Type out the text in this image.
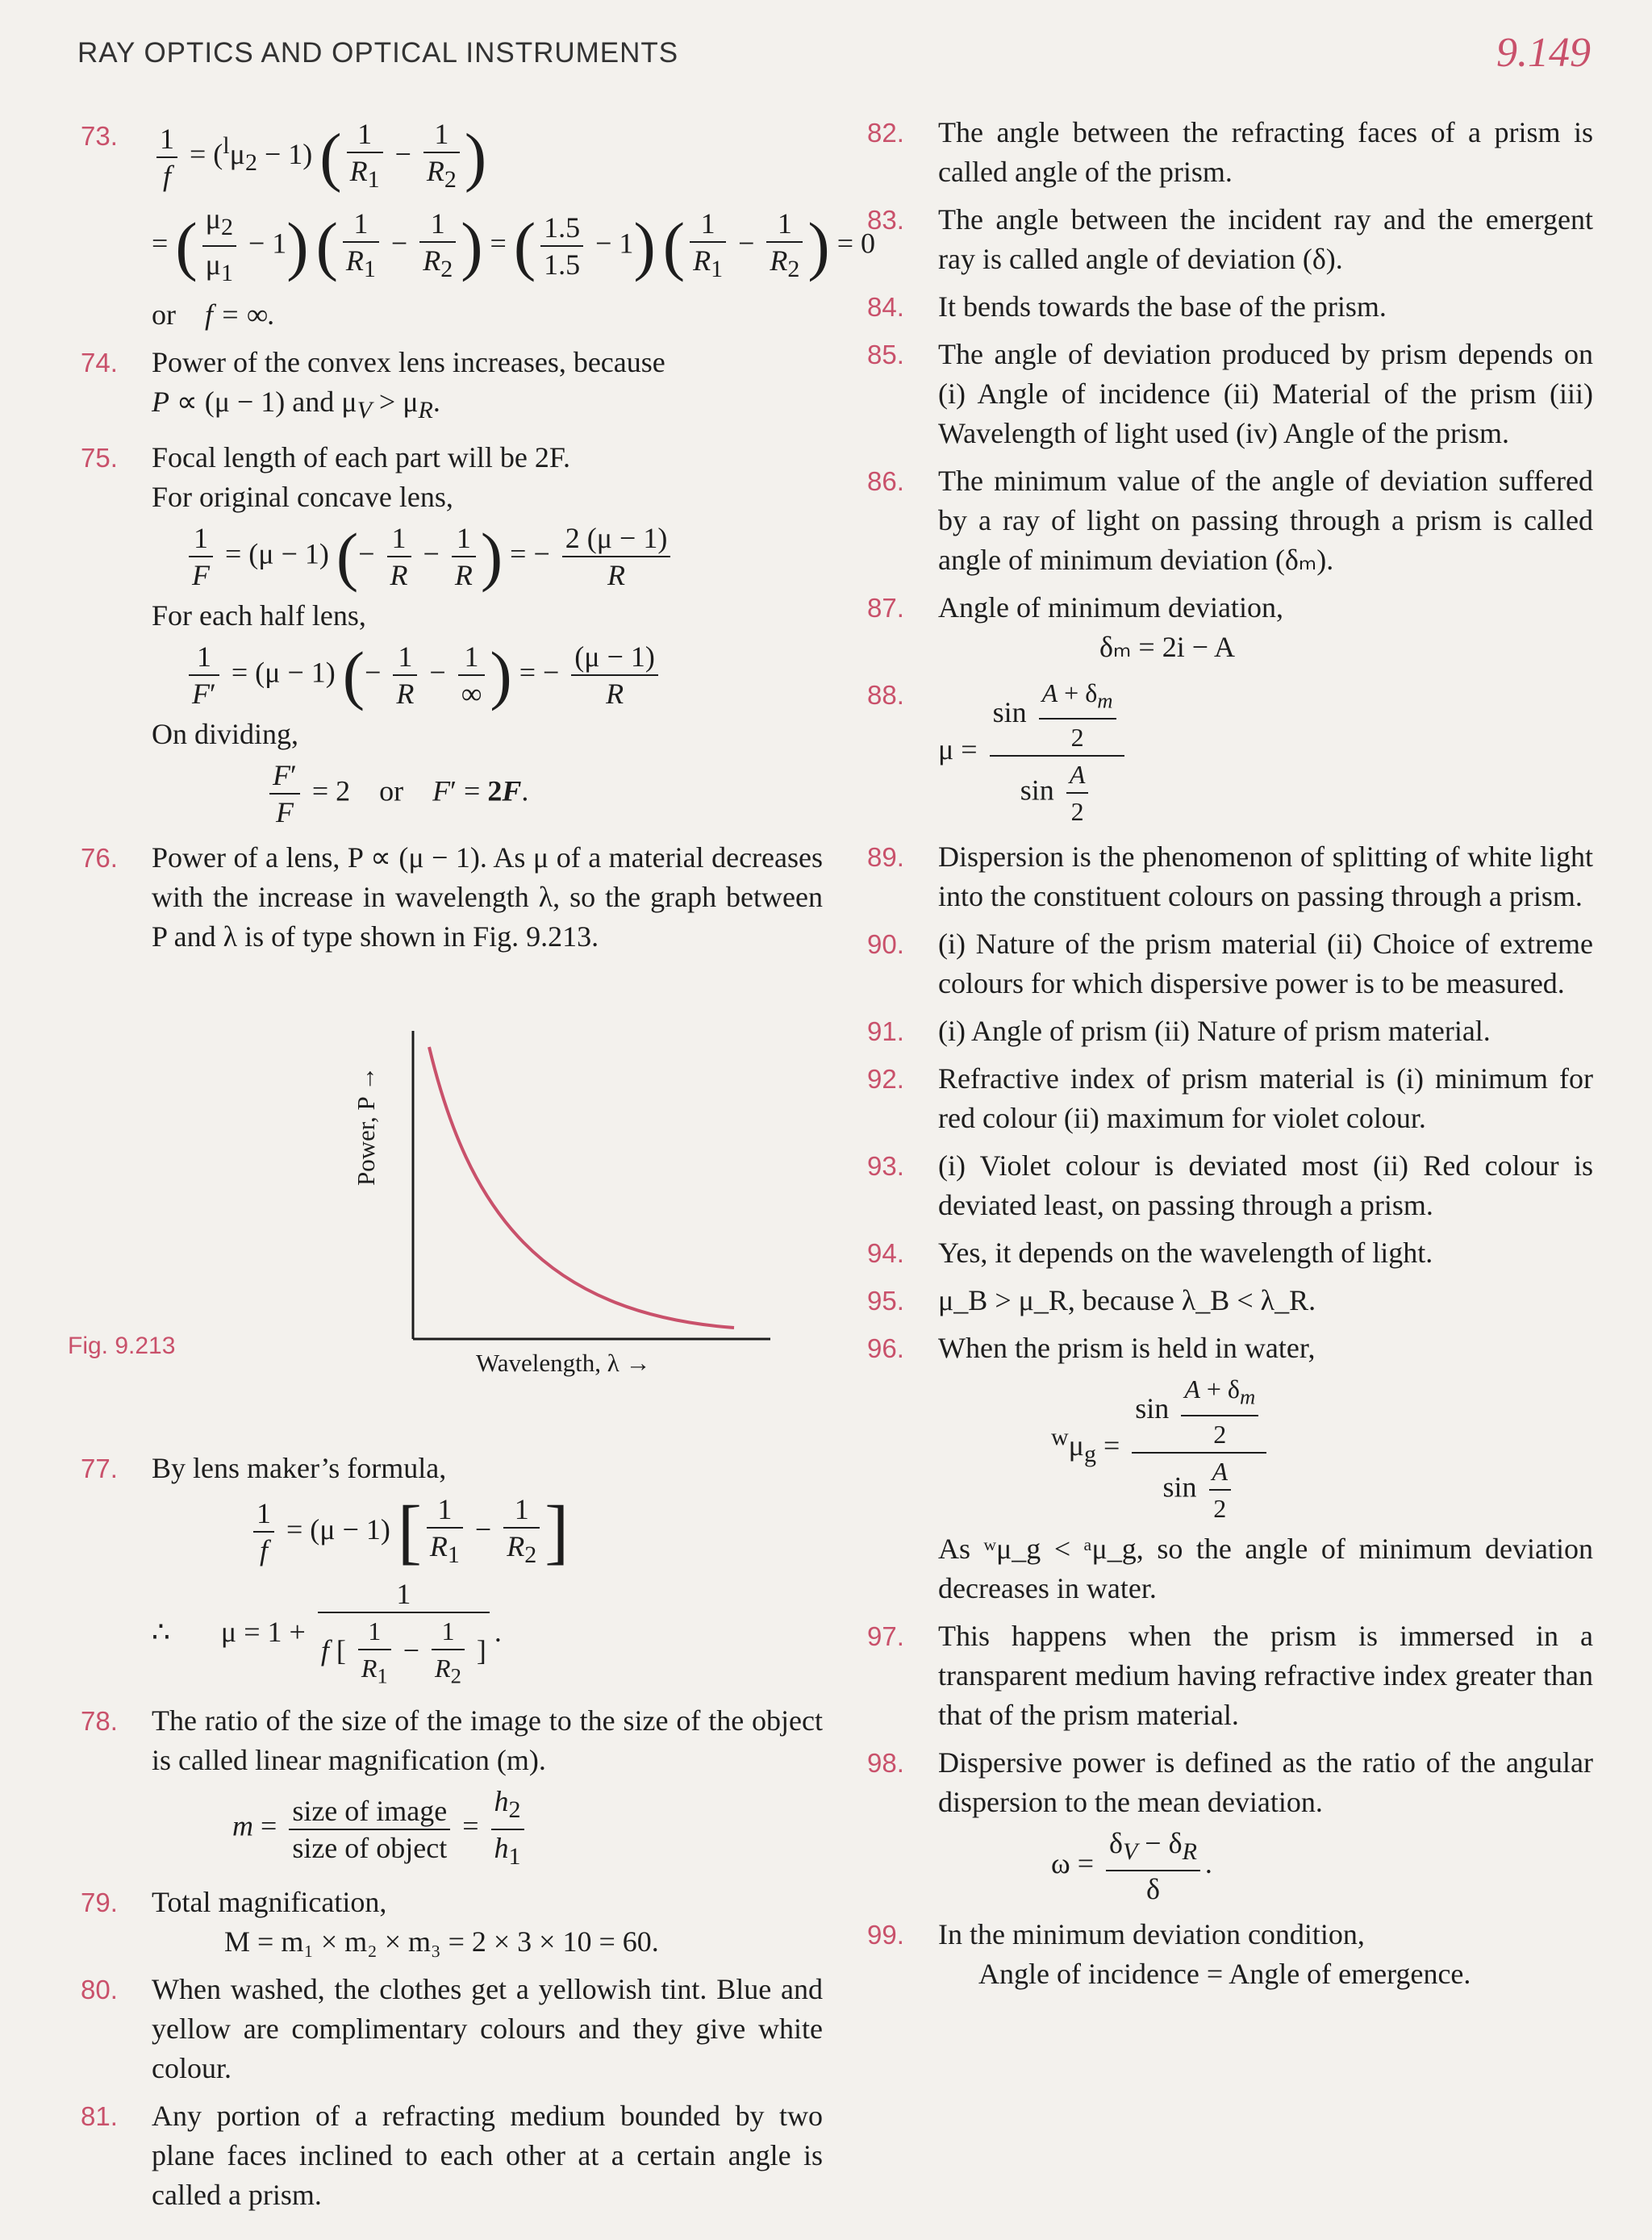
RAY OPTICS AND OPTICAL INSTRUMENTS	9.149
73. $\frac{1}{f} = (^l\mu_2 - 1)$ ( $\frac{1}{R_1} - \frac{1}{R_2}$ )
= ( $\frac{\mu_2}{\mu_1} - 1$) ( $\frac{1}{R_1} - \frac{1}{R_2}$ ) = ( $\frac{1.5}{1.5} - 1$) ( $\frac{1}{R_1} - \frac{1}{R_2}$ ) = 0
or f = ∞.
74. Power of the convex lens increases, because
P ∝ (μ − 1) and $\mu_V > \mu_R$.
75. Focal length of each part will be 2F.
For original concave lens,
$\frac{1}{F} = (\mu - 1)$ (− $\frac{1}{R} - \frac{1}{R}$ ) = − $\frac{2 (\mu - 1)}{R}$
For each half lens,
$\frac{1}{F'} = (\mu - 1)$ (− $\frac{1}{R} - \frac{1}{\infty}$ ) = − $\frac{(\mu - 1)}{R}$
On dividing,
$\frac{F'}{F} = 2$    or    F′ = 2F.
76. Power of a lens, P ∝ (μ − 1). As μ of a material decreases with the increase in wavelength λ, so the graph between P and λ is of type shown in Fig. 9.213.
77. By lens maker’s formula,
$\frac{1}{f} = (\mu - 1)$ [ $\frac{1}{R_1} - \frac{1}{R_2}$ ]
∴       $\mu = 1 + \frac{1}{f [ \frac{1}{R_1} - \frac{1}{R_2} ]}$ .
78. The ratio of the size of the image to the size of the object is called linear magnification (m).
$m = \frac{\text{size of image}}{\text{size of object}} = \frac{h_2}{h_1}$
79. Total magnification,
M = m₁ × m₂ × m₃ = 2 × 3 × 10 = 60.
80. When washed, the clothes get a yellowish tint. Blue and yellow are complimentary colours and they give white colour.
81. Any portion of a refracting medium bounded by two plane faces inclined to each other at a certain angle is called a prism.
Power, P →
Wavelength, λ →
Fig. 9.213
82. The angle between the refracting faces of a prism is called angle of the prism.
83. The angle between the incident ray and the emergent ray is called angle of deviation (δ).
84. It bends towards the base of the prism.
85. The angle of deviation produced by prism depends on (i) Angle of incidence (ii) Material of the prism (iii) Wavelength of light used (iv) Angle of the prism.
86. The minimum value of the angle of deviation suffered by a ray of light on passing through a prism is called angle of minimum deviation (δₘ).
87. Angle of minimum deviation,
δₘ = 2i − A
88.
$\mu = \frac{\sin \frac{A + \delta_m}{2}}{\sin \frac{A}{2}}$
89. Dispersion is the phenomenon of splitting of white light into the constituent colours on passing through a prism.
90. (i) Nature of the prism material (ii) Choice of extreme colours for which dispersive power is to be measured.
91. (i) Angle of prism (ii) Nature of prism material.
92. Refractive index of prism material is (i) minimum for red colour (ii) maximum for violet colour.
93. (i) Violet colour is deviated most (ii) Red colour is deviated least, on passing through a prism.
94. Yes, it depends on the wavelength of light.
95. μ_B > μ_R, because λ_B < λ_R.
96. When the prism is held in water,
$^w\mu_g = \frac{\sin \frac{A + \delta_m}{2}}{\sin \frac{A}{2}}$
As ʷμ_g < ᵃμ_g, so the angle of minimum deviation decreases in water.
97. This happens when the prism is immersed in a transparent medium having refractive index greater than that of the prism material.
98. Dispersive power is defined as the ratio of the angular dispersion to the mean deviation.
$\omega = \frac{\delta_V - \delta_R}{\delta}$ .
99. In the minimum deviation condition,
Angle of incidence = Angle of emergence.
